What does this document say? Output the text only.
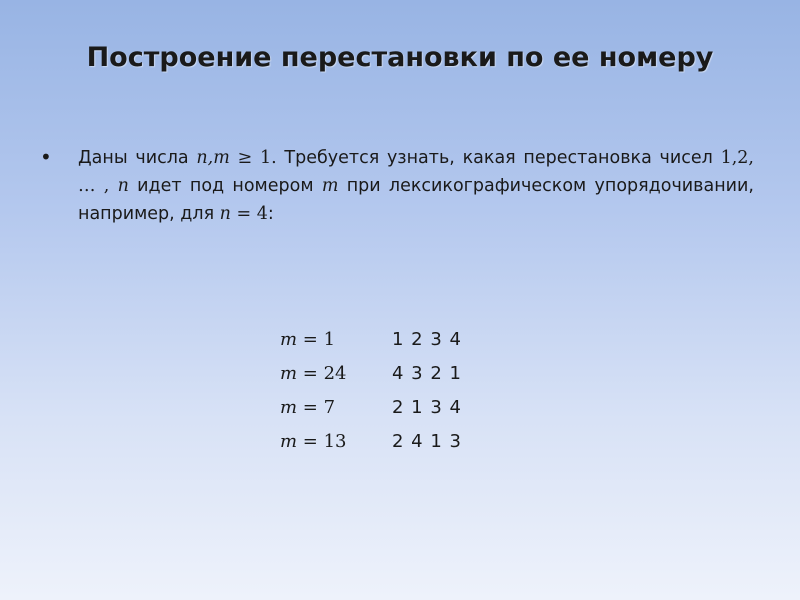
Построение перестановки по ее номеру
• Даны числа n,m ≥ 1. Требуется узнать, какая перестановка чисел 1,2, … , n идет под номером m при лексикографическом упорядочивании, например, для n = 4:
m = 1	1 2 3 4
m = 24	4 3 2 1
m = 7	2 1 3 4
m = 13	2 4 1 3
